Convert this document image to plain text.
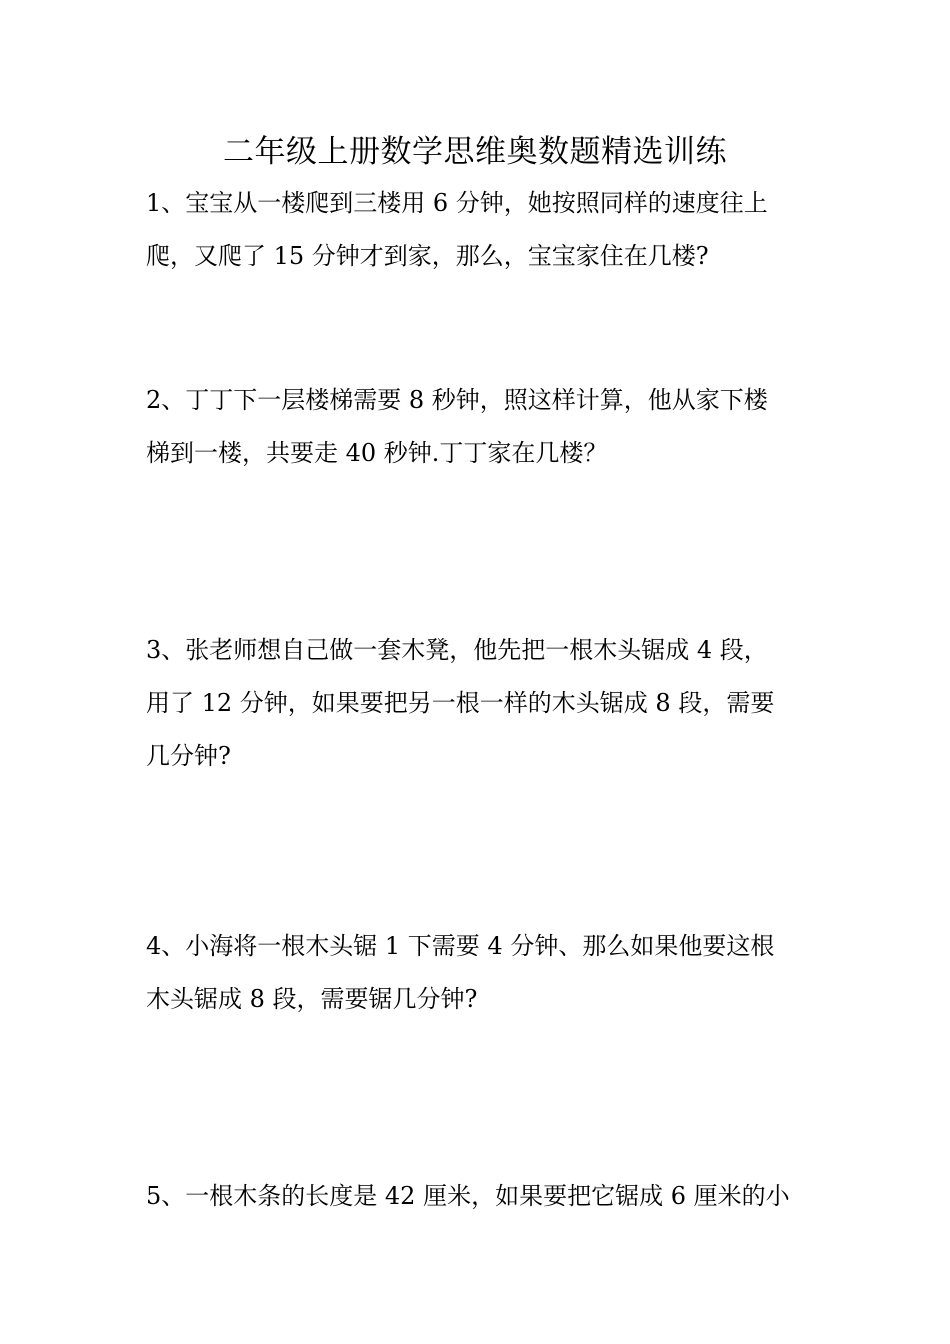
二年级上册数学思维奥数题精选训练
1、宝宝从一楼爬到三楼用 6 分钟，她按照同样的速度往上
爬，又爬了 15 分钟才到家，那么，宝宝家住在几楼?
2、丁丁下一层楼梯需要 8 秒钟，照这样计算，他从家下楼
梯到一楼，共要走 40 秒钟.丁丁家在几楼？
3、张老师想自己做一套木凳，他先把一根木头锯成 4 段，
用了 12 分钟，如果要把另一根一样的木头锯成 8 段，需要
几分钟?
4、小海将一根木头锯 1 下需要 4 分钟、那么如果他要这根
木头锯成 8 段，需要锯几分钟?
5、一根木条的长度是 42 厘米，如果要把它锯成 6 厘米的小
